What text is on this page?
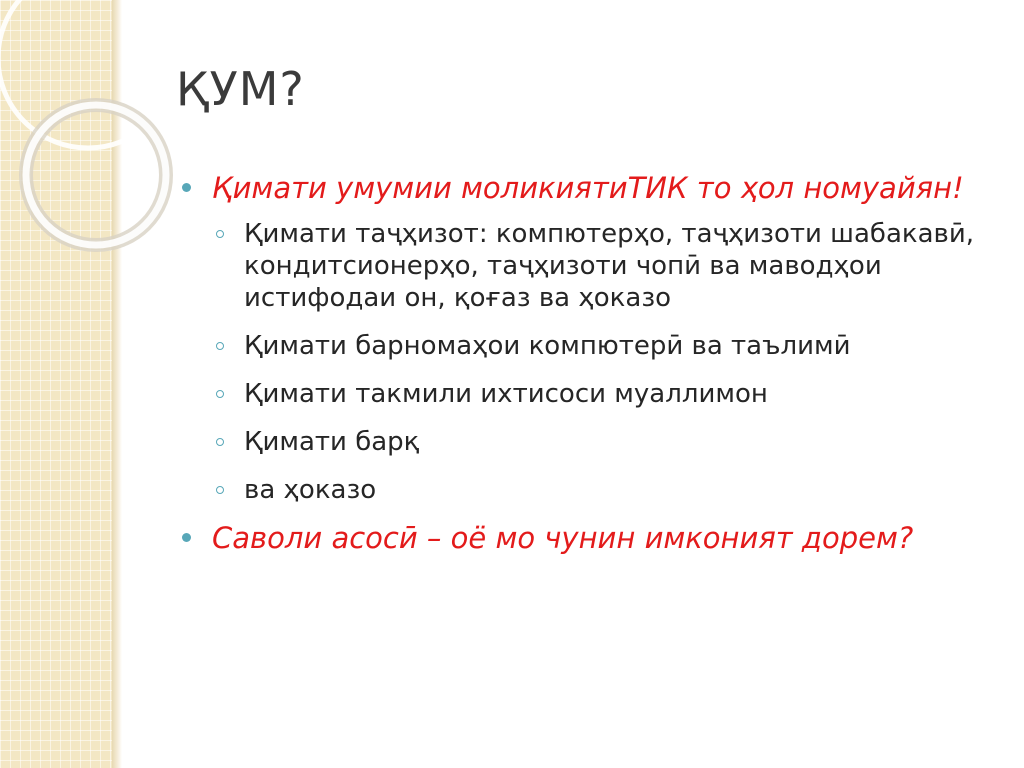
ҚУМ?
Қимати умумии моликиятиТИК то ҳол номуайян!
Қимати таҷҳизот: компютерҳо, таҷҳизоти шабакавӣ, кондитсионерҳо, таҷҳизоти чопӣ ва маводҳои истифодаи он, қоғаз ва ҳоказо
Қимати барномаҳои компютерӣ ва таълимӣ
Қимати такмили ихтисоси муаллимон
Қимати барқ
ва ҳоказо
Саволи асосӣ – оё мо чунин имконият дорем?
